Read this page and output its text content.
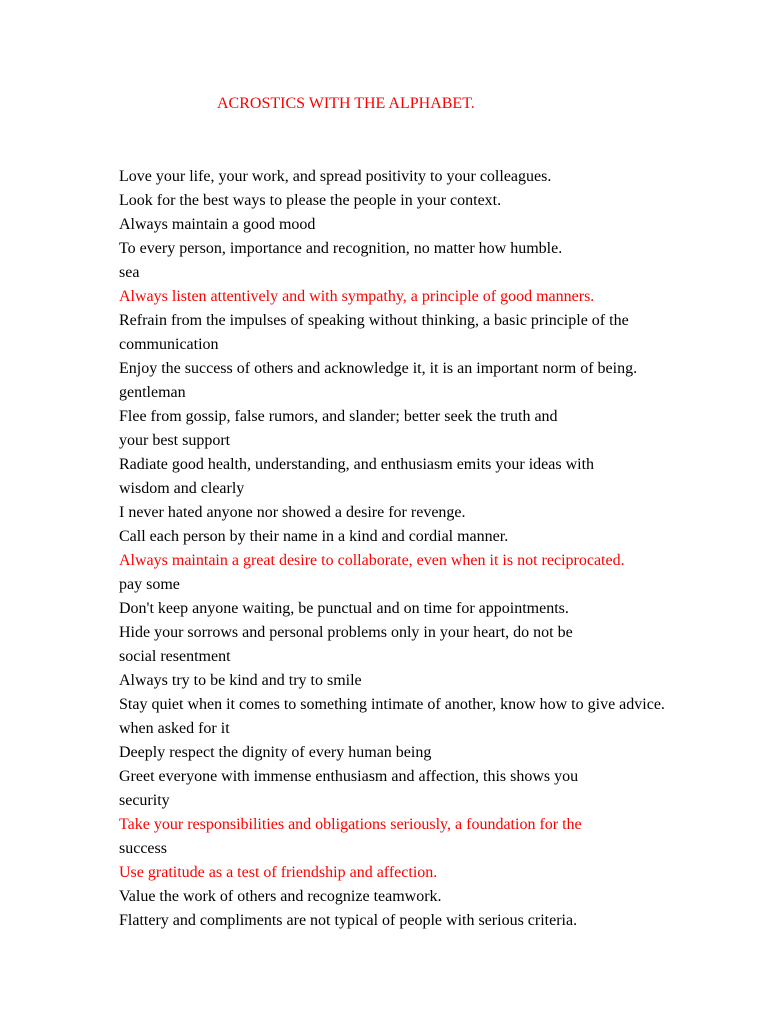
ACROSTICS WITH THE ALPHABET.
Love your life, your work, and spread positivity to your colleagues.
Look for the best ways to please the people in your context.
Always maintain a good mood
To every person, importance and recognition, no matter how humble.
sea
Always listen attentively and with sympathy, a principle of good manners.
Refrain from the impulses of speaking without thinking, a basic principle of the
communication
Enjoy the success of others and acknowledge it, it is an important norm of being.
gentleman
Flee from gossip, false rumors, and slander; better seek the truth and
your best support
Radiate good health, understanding, and enthusiasm emits your ideas with
wisdom and clearly
I never hated anyone nor showed a desire for revenge.
Call each person by their name in a kind and cordial manner.
Always maintain a great desire to collaborate, even when it is not reciprocated.
pay some
Don't keep anyone waiting, be punctual and on time for appointments.
Hide your sorrows and personal problems only in your heart, do not be
social resentment
Always try to be kind and try to smile
Stay quiet when it comes to something intimate of another, know how to give advice.
when asked for it
Deeply respect the dignity of every human being
Greet everyone with immense enthusiasm and affection, this shows you
security
Take your responsibilities and obligations seriously, a foundation for the
success
Use gratitude as a test of friendship and affection.
Value the work of others and recognize teamwork.
Flattery and compliments are not typical of people with serious criteria.
